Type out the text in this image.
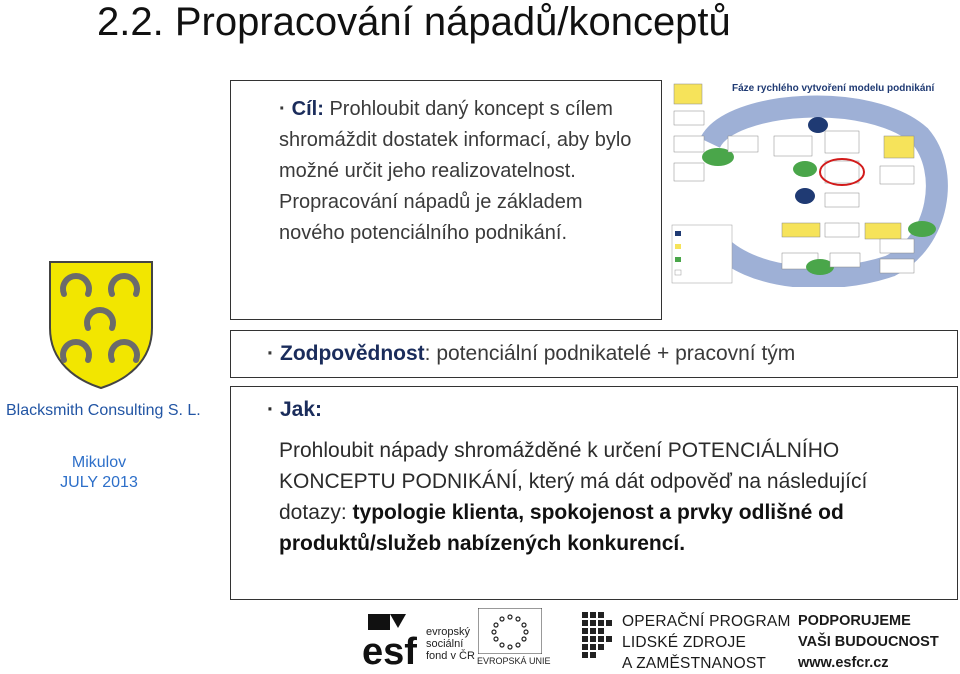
2.2. Propracování nápadů/konceptů
· Cíl: Prohloubit daný koncept s cílem shromáždit dostatek informací, aby bylo možné určit jeho realizovatelnost. Propracování nápadů je základem nového potenciálního podnikání.
Fáze rychlého vytvoření modelu podnikání
· Zodpovědnost: potenciální podnikatelé + pracovní tým
· Jak:
Prohloubit nápady shromážděné k určení POTENCIÁLNÍHO KONCEPTU PODNIKÁNÍ, který má dát odpověď na následující dotazy: typologie klienta, spokojenost a prvky odlišné od produktů/služeb nabízených konkurencí.
Blacksmith Consulting S. L.
Mikulov
JULY 2013
esf evropský
sociální
fond v ČR EVROPSKÁ UNIE
OPERAČNÍ PROGRAM
LIDSKÉ ZDROJE
A ZAMĚSTNANOST
PODPORUJEME
VAŠI BUDOUCNOST
www.esfcr.cz
